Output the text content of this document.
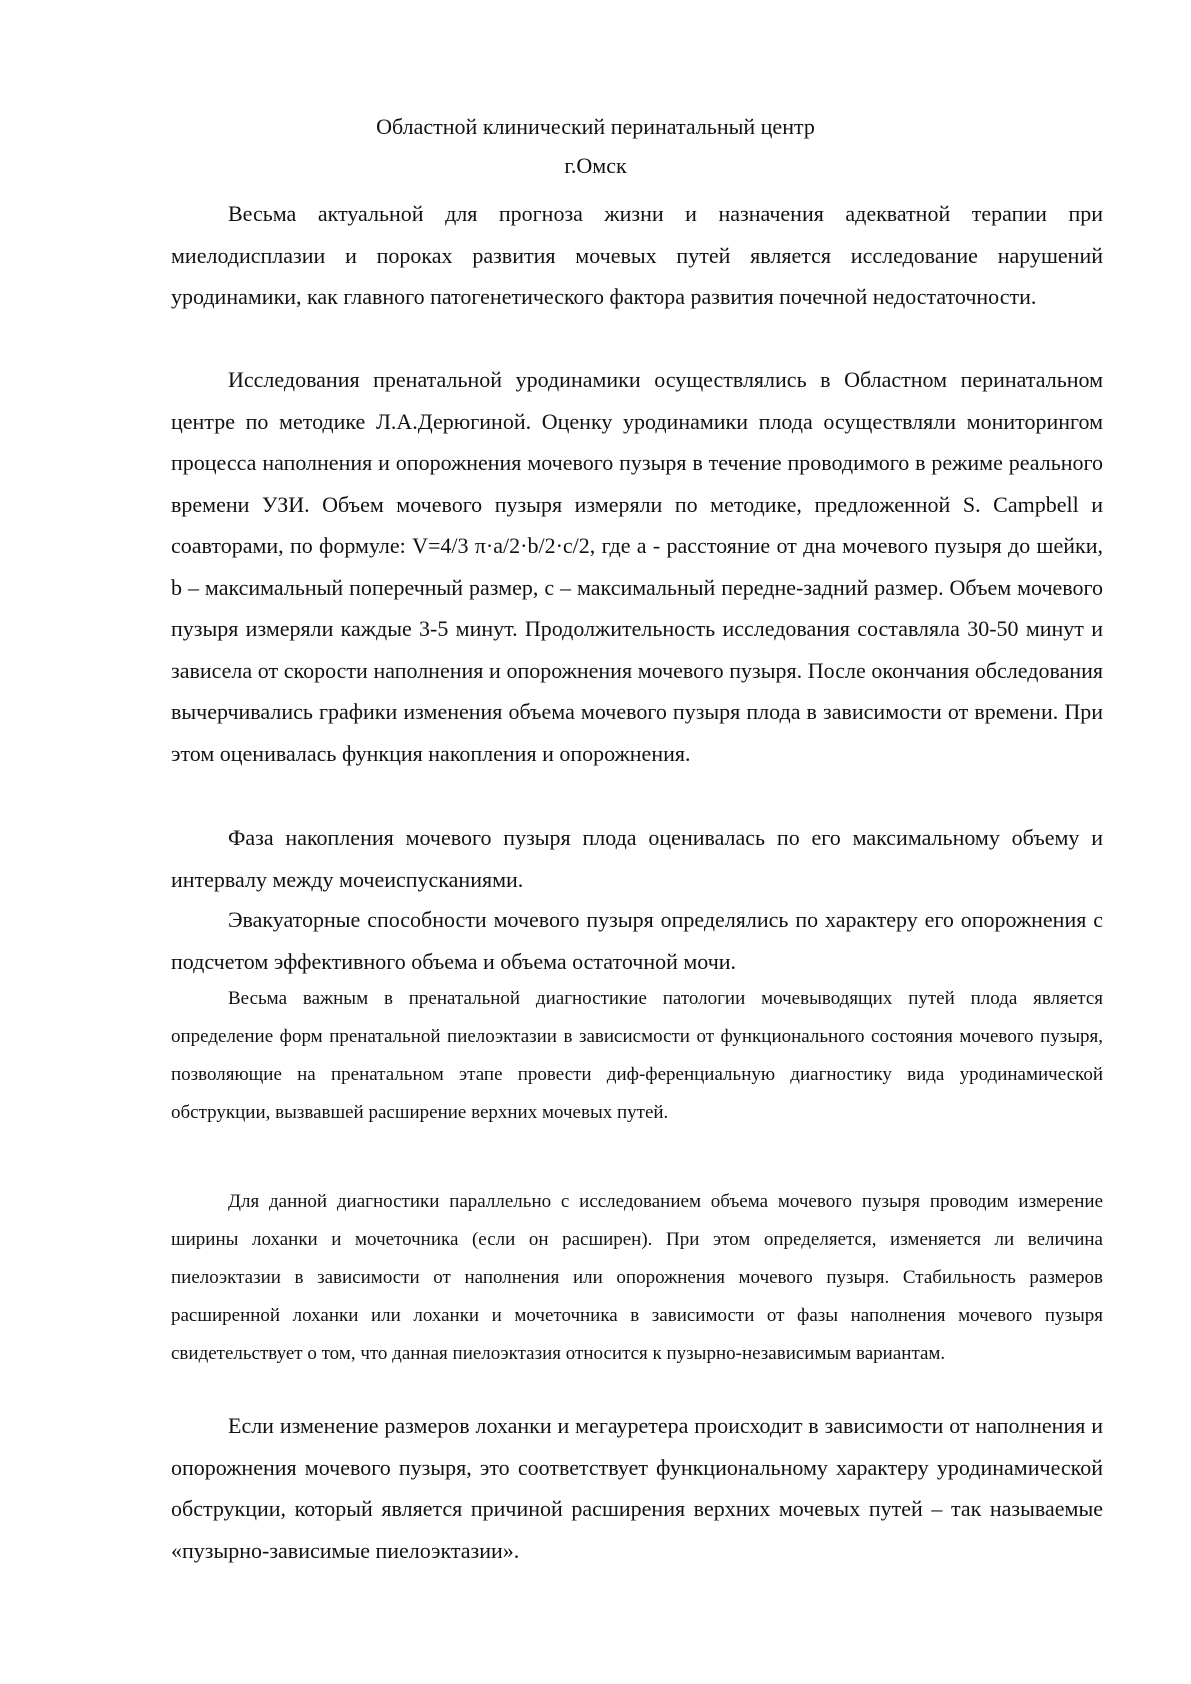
Областной клинический перинатальный центр
г.Омск

Весьма актуальной для прогноза жизни и назначения адекватной терапии при миелодисплазии и пороках развития мочевых путей является исследование нарушений уродинамики, как главного патогенетического фактора развития почечной недостаточности.

Исследования пренатальной уродинамики осуществлялись в Областном перинатальном центре по методике Л.А.Дерюгиной. Оценку уродинамики плода осуществляли мониторингом процесса наполнения и опорожнения мочевого пузыря в течение проводимого в режиме реального времени УЗИ. Объем мочевого пузыря измеряли по методике, предложенной S. Campbell и соавторами, по формуле: V=4/3 π·a/2·b/2·c/2, где a - расстояние от дна мочевого пузыря до шейки, b – максимальный поперечный размер, c – максимальный передне-задний размер. Объем мочевого пузыря измеряли каждые 3-5 минут. Продолжительность исследования составляла 30-50 минут и зависела от скорости наполнения и опорожнения мочевого пузыря. После окончания обследования вычерчивались графики изменения объема мочевого пузыря плода в зависимости от времени. При этом оценивалась функция накопления и опорожнения.

Фаза накопления мочевого пузыря плода оценивалась по его максимальному объему и интервалу между мочеиспусканиями.

Эвакуаторные способности мочевого пузыря определялись по характеру его опорожнения с подсчетом эффективного объема и объема остаточной мочи.

Весьма важным в пренатальной диагностикие патологии мочевыводящих путей плода является определение форм пренатальной пиелоэктазии в зависисмости от функционального состояния мочевого пузыря, позволяющие на пренатальном этапе провести диф-ференциальную диагностику вида уродинамической обструкции, вызвавшей расширение верхних мочевых путей.

Для данной диагностики параллельно с исследованием объема мочевого пузыря проводим измерение ширины лоханки и мочеточника (если он расширен). При этом определяется, изменяется ли величина пиелоэктазии в зависимости от наполнения или опорожнения мочевого пузыря. Стабильность размеров расширенной лоханки или лоханки и мочеточника в зависимости от фазы наполнения мочевого пузыря свидетельствует о том, что данная пиелоэктазия относится к пузырно-независимым вариантам.

Если изменение размеров лоханки и мегауретера происходит в зависимости от наполнения и опорожнения мочевого пузыря, это соответствует функциональному характеру уродинамической обструкции, который является причиной расширения верхних мочевых путей – так называемые «пузырно-зависимые пиелоэктазии».
